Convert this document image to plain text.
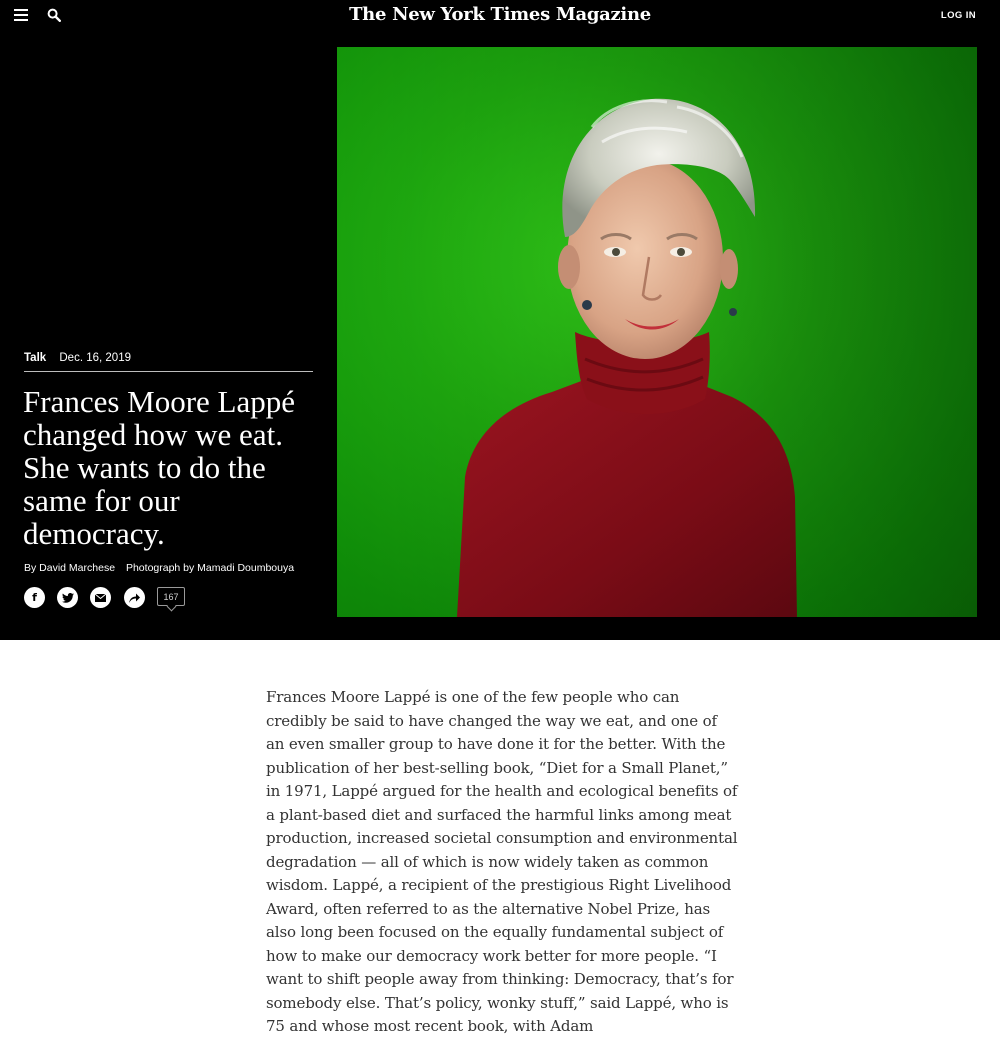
The New York Times Magazine	LOG IN
Talk Dec. 16, 2019
Frances Moore Lappé changed how we eat. She wants to do the same for our democracy.
By David Marchese Photograph by Mamadi Doumbouya
f	167

Frances Moore Lappé is one of the few people who can credibly be said to have changed the way we eat, and one of an even smaller group to have done it for the better. With the publication of her best-selling book, “Diet for a Small Planet,” in 1971, Lappé argued for the health and ecological benefits of a plant-based diet and surfaced the harmful links among meat production, increased societal consumption and environmental degradation — all of which is now widely taken as common wisdom. Lappé, a recipient of the prestigious Right Livelihood Award, often referred to as the alternative Nobel Prize, has also long been focused on the equally fundamental subject of how to make our democracy work better for more people. “I want to shift people away from thinking: Democracy, that’s for somebody else. That’s policy, wonky stuff,” said Lappé, who is 75 and whose most recent book, with Adam
